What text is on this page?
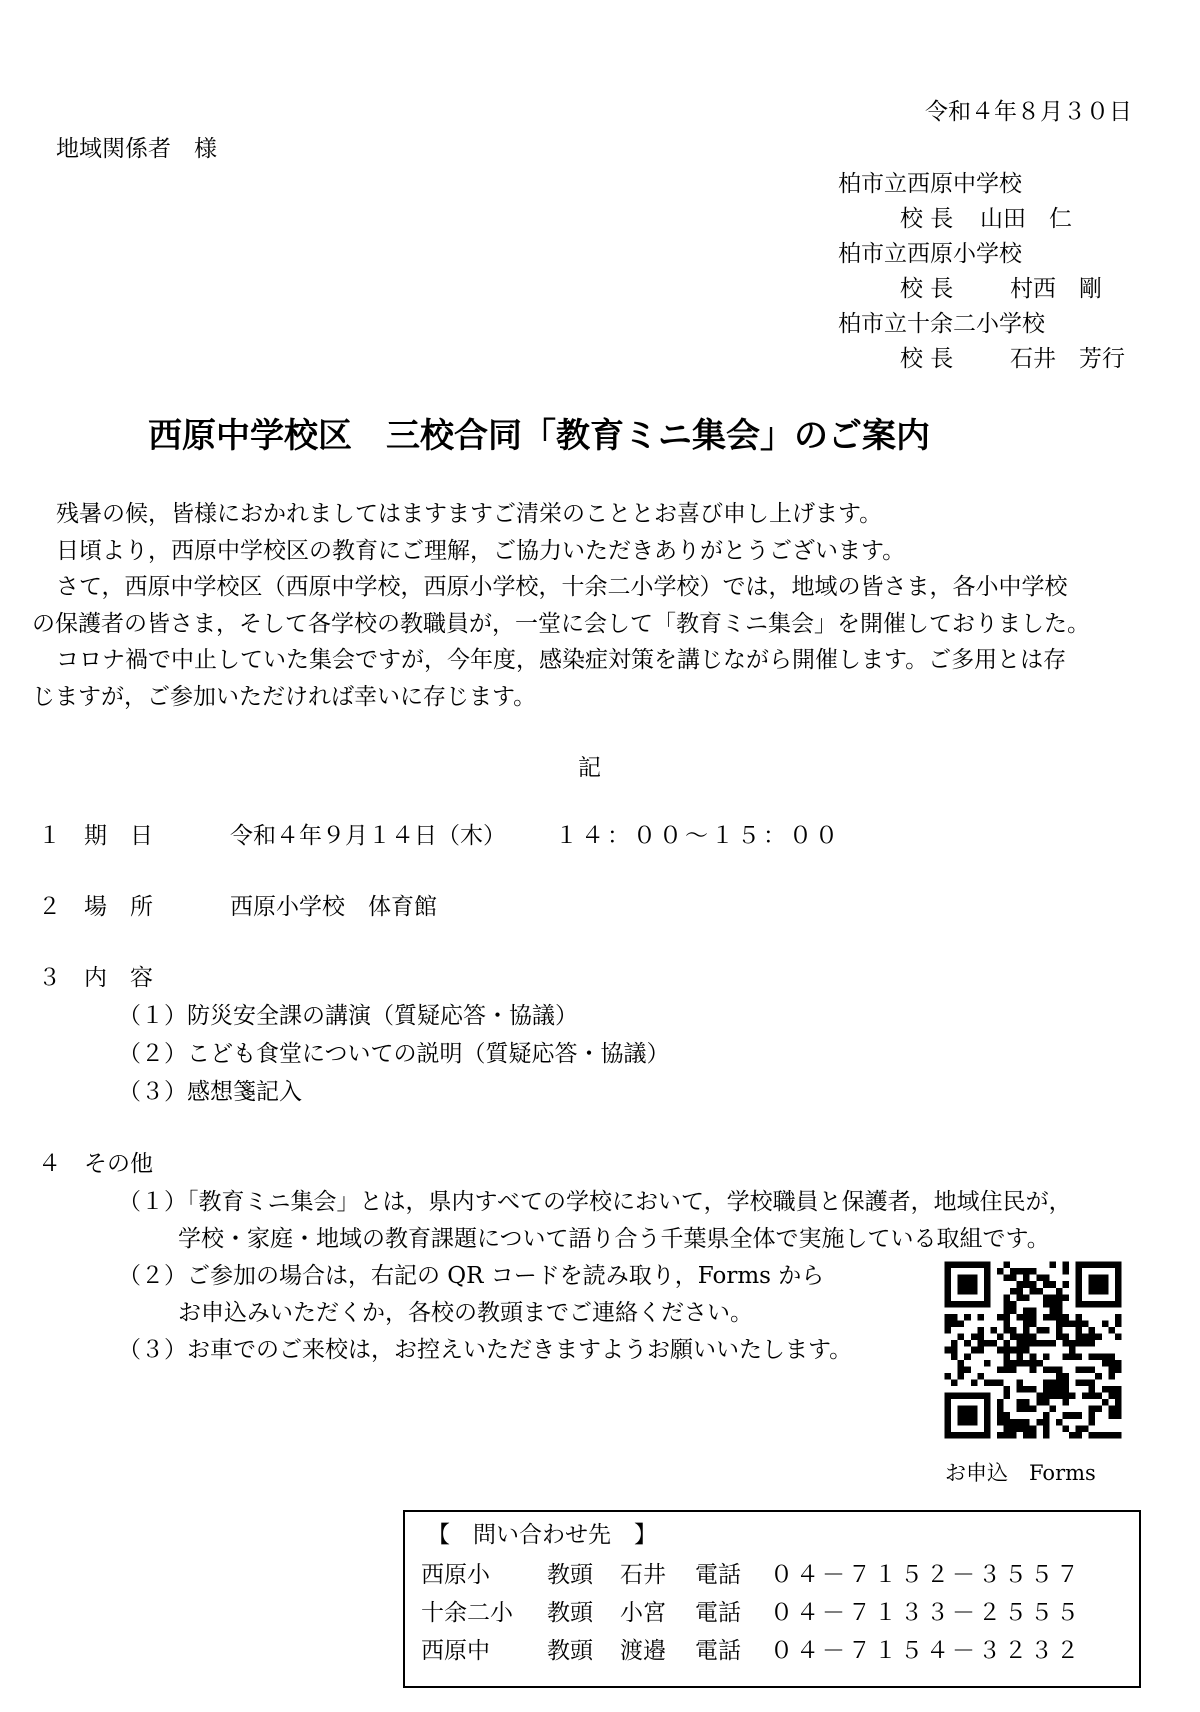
令和４年８月３０日
地域関係者　様
柏市立西原中学校
校 長 山田　仁
柏市立西原小学校
校 長 村西　剛
柏市立十余二小学校
校 長 石井　芳行
西原中学校区　三校合同「教育ミニ集会」のご案内
残暑の候，皆様におかれましてはますますご清栄のこととお喜び申し上げます。
日頃より，西原中学校区の教育にご理解，ご協力いただきありがとうございます。
さて，西原中学校区（西原中学校，西原小学校，十余二小学校）では，地域の皆さま，各小中学校
の保護者の皆さま，そして各学校の教職員が，一堂に会して「教育ミニ集会」を開催しておりました。
コロナ禍で中止していた集会ですが，今年度，感染症対策を講じながら開催します。ご多用とは存
じますが，ご参加いただければ幸いに存じます。
記
１　期　日	令和４年９月１４日（木） １４：００～１５：００
２　場　所	西原小学校　体育館
３　内　容
（１）防災安全課の講演（質疑応答・協議）
（２）こども食堂についての説明（質疑応答・協議）
（３）感想箋記入
４　その他
（１）「教育ミニ集会」とは，県内すべての学校において，学校職員と保護者，地域住民が，
学校・家庭・地域の教育課題について語り合う千葉県全体で実施している取組です。
（２）ご参加の場合は，右記の QR コードを読み取り，Forms から
お申込みいただくか，各校の教頭までご連絡ください。
（３）お車でのご来校は，お控えいただきますようお願いいたします。
お申込　Forms
【　問い合わせ先　】
西原小 教頭 石井 電話 ０４－７１５２－３５５７
十余二小 教頭 小宮 電話 ０４－７１３３－２５５５
西原中 教頭 渡邉 電話 ０４－７１５４－３２３２
